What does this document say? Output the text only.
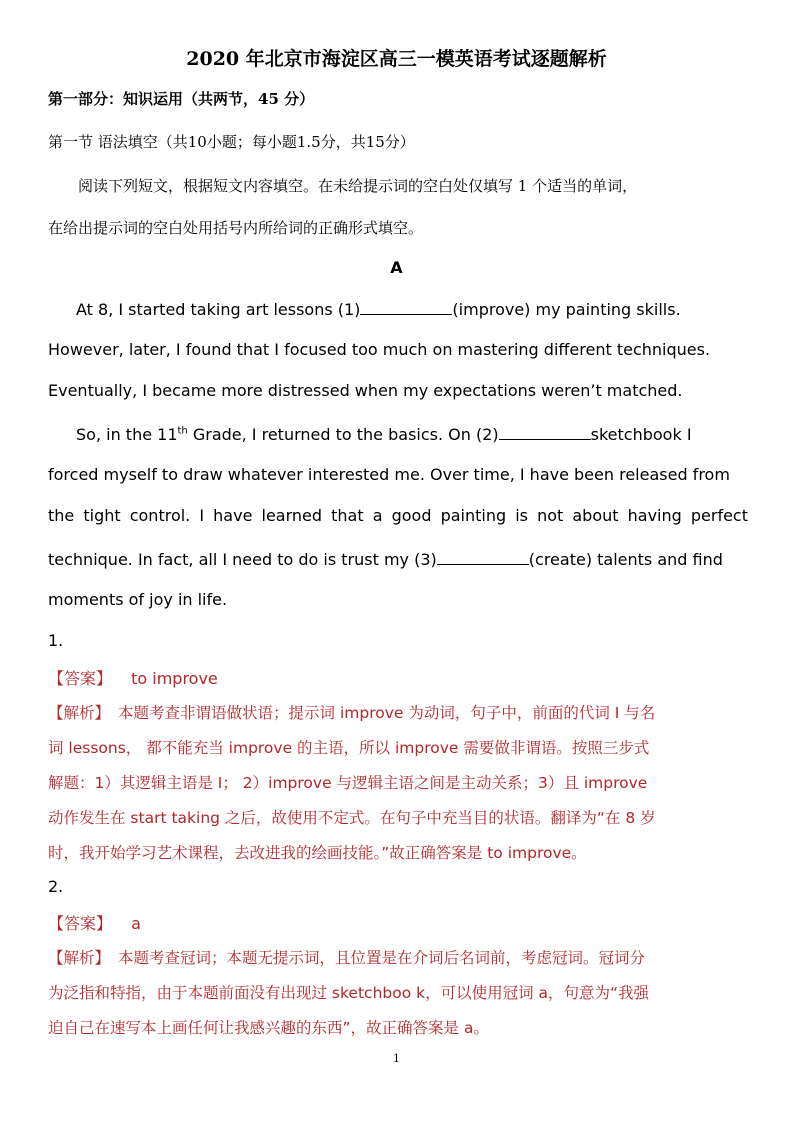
2020 年北京市海淀区高三一模英语考试逐题解析
第一部分：知识运用（共两节，45 分）
第一节 语法填空（共10小题；每小题1.5分，共15分）
阅读下列短文，根据短文内容填空。在未给提示词的空白处仅填写 1 个适当的单词，
在给出提示词的空白处用括号内所给词的正确形式填空。
A
At 8, I started taking art lessons (1)	(improve) my painting skills.
However, later, I found that I focused too much on mastering different techniques.
Eventually, I became more distressed when my expectations weren’t matched.
So, in the 11th Grade, I returned to the basics. On (2)	sketchbook I
forced myself to draw whatever interested me. Over time, I have been released from
the tight control. I have learned that a good painting is not about having perfect
technique. In fact, all I need to do is trust my (3)	(create) talents and find
moments of joy in life.
1.
【答案】 to improve
【解析】 本题考查非谓语做状语；提示词 improve 为动词，句子中，前面的代词 I 与名
词 lessons， 都不能充当 improve 的主语，所以 improve 需要做非谓语。按照三步式
解题：1）其逻辑主语是 I； 2）improve 与逻辑主语之间是主动关系；3）且 improve
动作发生在 start taking 之后，故使用不定式。在句子中充当目的状语。翻译为“在 8 岁
时，我开始学习艺术课程，去改进我的绘画技能。”故正确答案是 to improve。
2.
【答案】 a
【解析】 本题考查冠词；本题无提示词，且位置是在介词后名词前，考虑冠词。冠词分
为泛指和特指，由于本题前面没有出现过 sketchboo k，可以使用冠词 a，句意为“我强
迫自己在速写本上画任何让我感兴趣的东西”，故正确答案是 a。
1
